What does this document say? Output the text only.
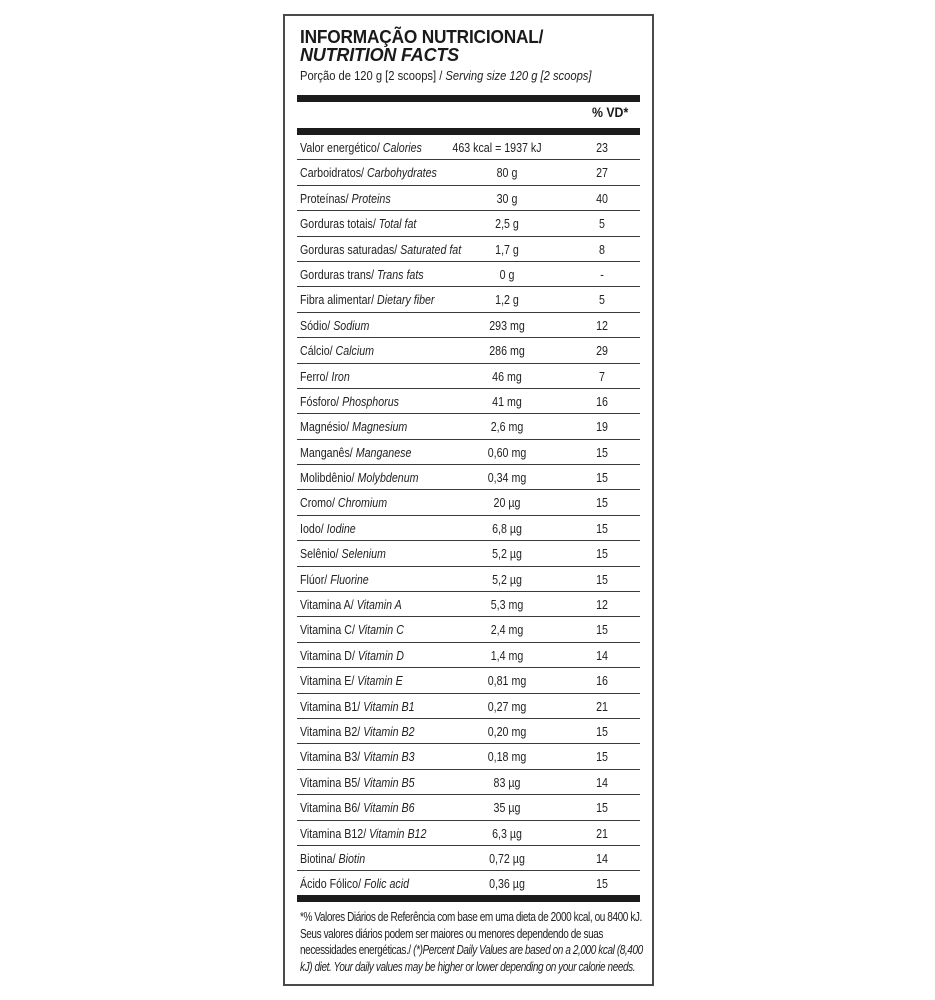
INFORMAÇÃO NUTRICIONAL/
NUTRITION FACTS
Porção de 120 g [2 scoops] / Serving size 120 g [2 scoops]
% VD*
Valor energético/ Calories	463 kcal = 1937 kJ	23
Carboidratos/ Carbohydrates	80 g	27
Proteínas/ Proteins	30 g	40
Gorduras totais/ Total fat	2,5 g	5
Gorduras saturadas/ Saturated fat	1,7 g	8
Gorduras trans/ Trans fats	0 g	-
Fibra alimentar/ Dietary fiber	1,2 g	5
Sódio/ Sodium	293 mg	12
Cálcio/ Calcium	286 mg	29
Ferro/ Iron	46 mg	7
Fósforo/ Phosphorus	41 mg	16
Magnésio/ Magnesium	2,6 mg	19
Manganês/ Manganese	0,60 mg	15
Molibdênio/ Molybdenum	0,34 mg	15
Cromo/ Chromium	20 µg	15
Iodo/ Iodine	6,8 µg	15
Selênio/ Selenium	5,2 µg	15
Flúor/ Fluorine	5,2 µg	15
Vitamina A/ Vitamin A	5,3 mg	12
Vitamina C/ Vitamin C	2,4 mg	15
Vitamina D/ Vitamin D	1,4 mg	14
Vitamina E/ Vitamin E	0,81 mg	16
Vitamina B1/ Vitamin B1	0,27 mg	21
Vitamina B2/ Vitamin B2	0,20 mg	15
Vitamina B3/ Vitamin B3	0,18 mg	15
Vitamina B5/ Vitamin B5	83 µg	14
Vitamina B6/ Vitamin B6	35 µg	15
Vitamina B12/ Vitamin B12	6,3 µg	21
Biotina/ Biotin	0,72 µg	14
Ácido Fólico/ Folic acid	0,36 µg	15
*% Valores Diários de Referência com base em uma dieta de 2000 kcal, ou 8400 kJ. Seus valores diários podem ser maiores ou menores dependendo de suas necessidades energéticas./ (*)Percent Daily Values are based on a 2,000 kcal (8,400 kJ) diet. Your daily values may be higher or lower depending on your calorie needs.
